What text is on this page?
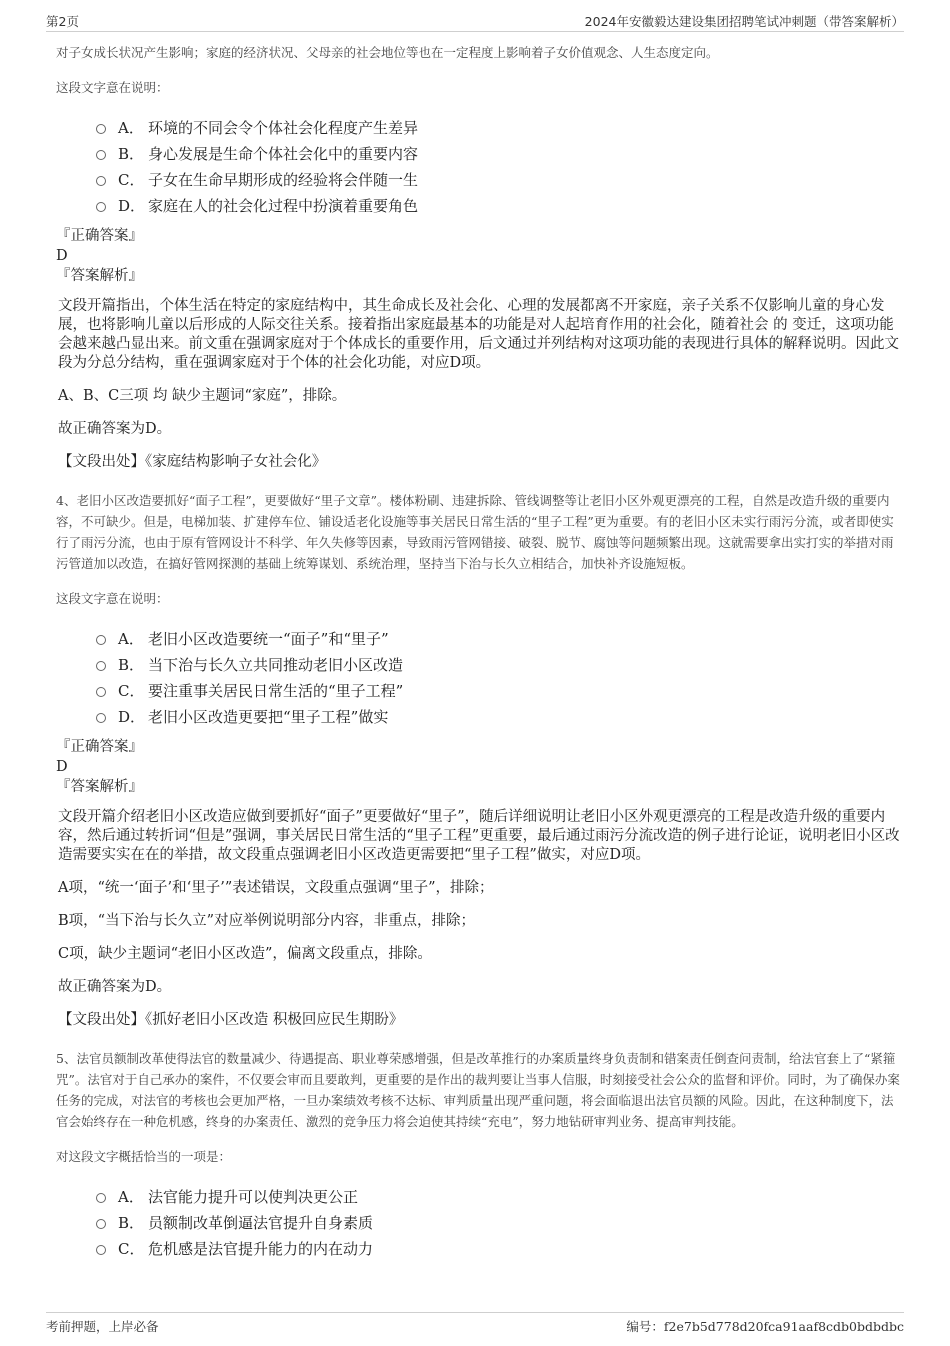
第2页	2024年安徽毅达建设集团招聘笔试冲刺题（带答案解析）

对子女成长状况产生影响；家庭的经济状况、父母亲的社会地位等也在一定程度上影响着子女价值观念、人生态度定向。

这段文字意在说明：

A． 环境的不同会令个体社会化程度产生差异
B． 身心发展是生命个体社会化中的重要内容
C． 子女在生命早期形成的经验将会伴随一生
D． 家庭在人的社会化过程中扮演着重要角色

『正确答案』

D

『答案解析』

文段开篇指出，个体生活在特定的家庭结构中，其生命成长及社会化、心理的发展都离不开家庭，亲子关系不仅影响儿童的身心发展，也将影响儿童以后形成的人际交往关系。接着指出家庭最基本的功能是对人起培育作用的社会化，随着社会 的 变迁，这项功能会越来越凸显出来。前文重在强调家庭对于个体成长的重要作用，后文通过并列结构对这项功能的表现进行具体的解释说明。因此文段为分总分结构，重在强调家庭对于个体的社会化功能，对应D项。

A、B、C三项 均 缺少主题词“家庭”，排除。

故正确答案为D。

【文段出处】《家庭结构影响子女社会化》

4、老旧小区改造要抓好“面子工程”，更要做好“里子文章”。楼体粉刷、违建拆除、管线调整等让老旧小区外观更漂亮的工程，自然是改造升级的重要内容，不可缺少。但是，电梯加装、扩建停车位、铺设适老化设施等事关居民日常生活的“里子工程”更为重要。有的老旧小区未实行雨污分流，或者即使实行了雨污分流，也由于原有管网设计不科学、年久失修等因素，导致雨污管网错接、破裂、脱节、腐蚀等问题频繁出现。这就需要拿出实打实的举措对雨污管道加以改造，在搞好管网探测的基础上统筹谋划、系统治理，坚持当下治与长久立相结合，加快补齐设施短板。

这段文字意在说明：

A． 老旧小区改造要统一“面子”和“里子”
B． 当下治与长久立共同推动老旧小区改造
C． 要注重事关居民日常生活的“里子工程”
D． 老旧小区改造更要把“里子工程”做实

『正确答案』

D

『答案解析』

文段开篇介绍老旧小区改造应做到要抓好“面子”更要做好“里子”，随后详细说明让老旧小区外观更漂亮的工程是改造升级的重要内容，然后通过转折词“但是”强调，事关居民日常生活的“里子工程”更重要，最后通过雨污分流改造的例子进行论证，说明老旧小区改造需要实实在在的举措，故文段重点强调老旧小区改造更需要把“里子工程”做实，对应D项。

A项，“统一‘面子’和‘里子’”表述错误，文段重点强调“里子”，排除；

B项，“当下治与长久立”对应举例说明部分内容，非重点，排除；

C项，缺少主题词“老旧小区改造”，偏离文段重点，排除。

故正确答案为D。

【文段出处】《抓好老旧小区改造 积极回应民生期盼》

5、法官员额制改革使得法官的数量减少、待遇提高、职业尊荣感增强，但是改革推行的办案质量终身负责制和错案责任倒查问责制，给法官套上了“紧箍咒”。法官对于自己承办的案件，不仅要会审而且要敢判，更重要的是作出的裁判要让当事人信服，时刻接受社会公众的监督和评价。同时，为了确保办案任务的完成，对法官的考核也会更加严格，一旦办案绩效考核不达标、审判质量出现严重问题，将会面临退出法官员额的风险。因此，在这种制度下，法官会始终存在一种危机感，终身的办案责任、激烈的竞争压力将会迫使其持续“充电”，努力地钻研审判业务、提高审判技能。

对这段文字概括恰当的一项是：

A． 法官能力提升可以使判决更公正
B． 员额制改革倒逼法官提升自身素质
C． 危机感是法官提升能力的内在动力
考前押题，上岸必备	编号：f2e7b5d778d20fca91aaf8cdb0bdbdbc
